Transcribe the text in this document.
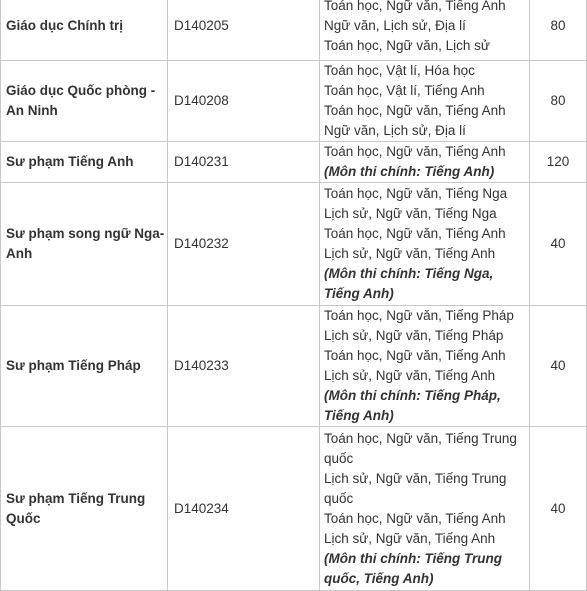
Giáo dục Chính trị	D140205	Toán học, Ngữ văn, Tiếng Anh
Ngữ văn, Lịch sử, Địa lí
Toán học, Ngữ văn, Lịch sử	80
Giáo dục Quốc phòng - An Ninh	D140208	Toán học, Vật lí, Hóa học
Toán học, Vật lí, Tiếng Anh
Toán học, Ngữ văn, Tiếng Anh
Ngữ văn, Lịch sử, Địa lí	80
Sư phạm Tiếng Anh	D140231	Toán học, Ngữ văn, Tiếng Anh
(Môn thi chính: Tiếng Anh)	120
Sư phạm song ngữ Nga-Anh	D140232	Toán học, Ngữ văn, Tiếng Nga
Lịch sử, Ngữ văn, Tiếng Nga
Toán học, Ngữ văn, Tiếng Anh
Lịch sử, Ngữ văn, Tiếng Anh
(Môn thi chính: Tiếng Nga, Tiếng Anh)	40
Sư phạm Tiếng Pháp	D140233	Toán học, Ngữ văn, Tiếng Pháp
Lịch sử, Ngữ văn, Tiếng Pháp
Toán học, Ngữ văn, Tiếng Anh
Lịch sử, Ngữ văn, Tiếng Anh
(Môn thi chính: Tiếng Pháp, Tiếng Anh)	40
Sư phạm Tiếng Trung Quốc	D140234	Toán học, Ngữ văn, Tiếng Trung quốc
Lịch sử, Ngữ văn, Tiếng Trung quốc
Toán học, Ngữ văn, Tiếng Anh
Lịch sử, Ngữ văn, Tiếng Anh
(Môn thi chính: Tiếng Trung quốc, Tiếng Anh)	40
